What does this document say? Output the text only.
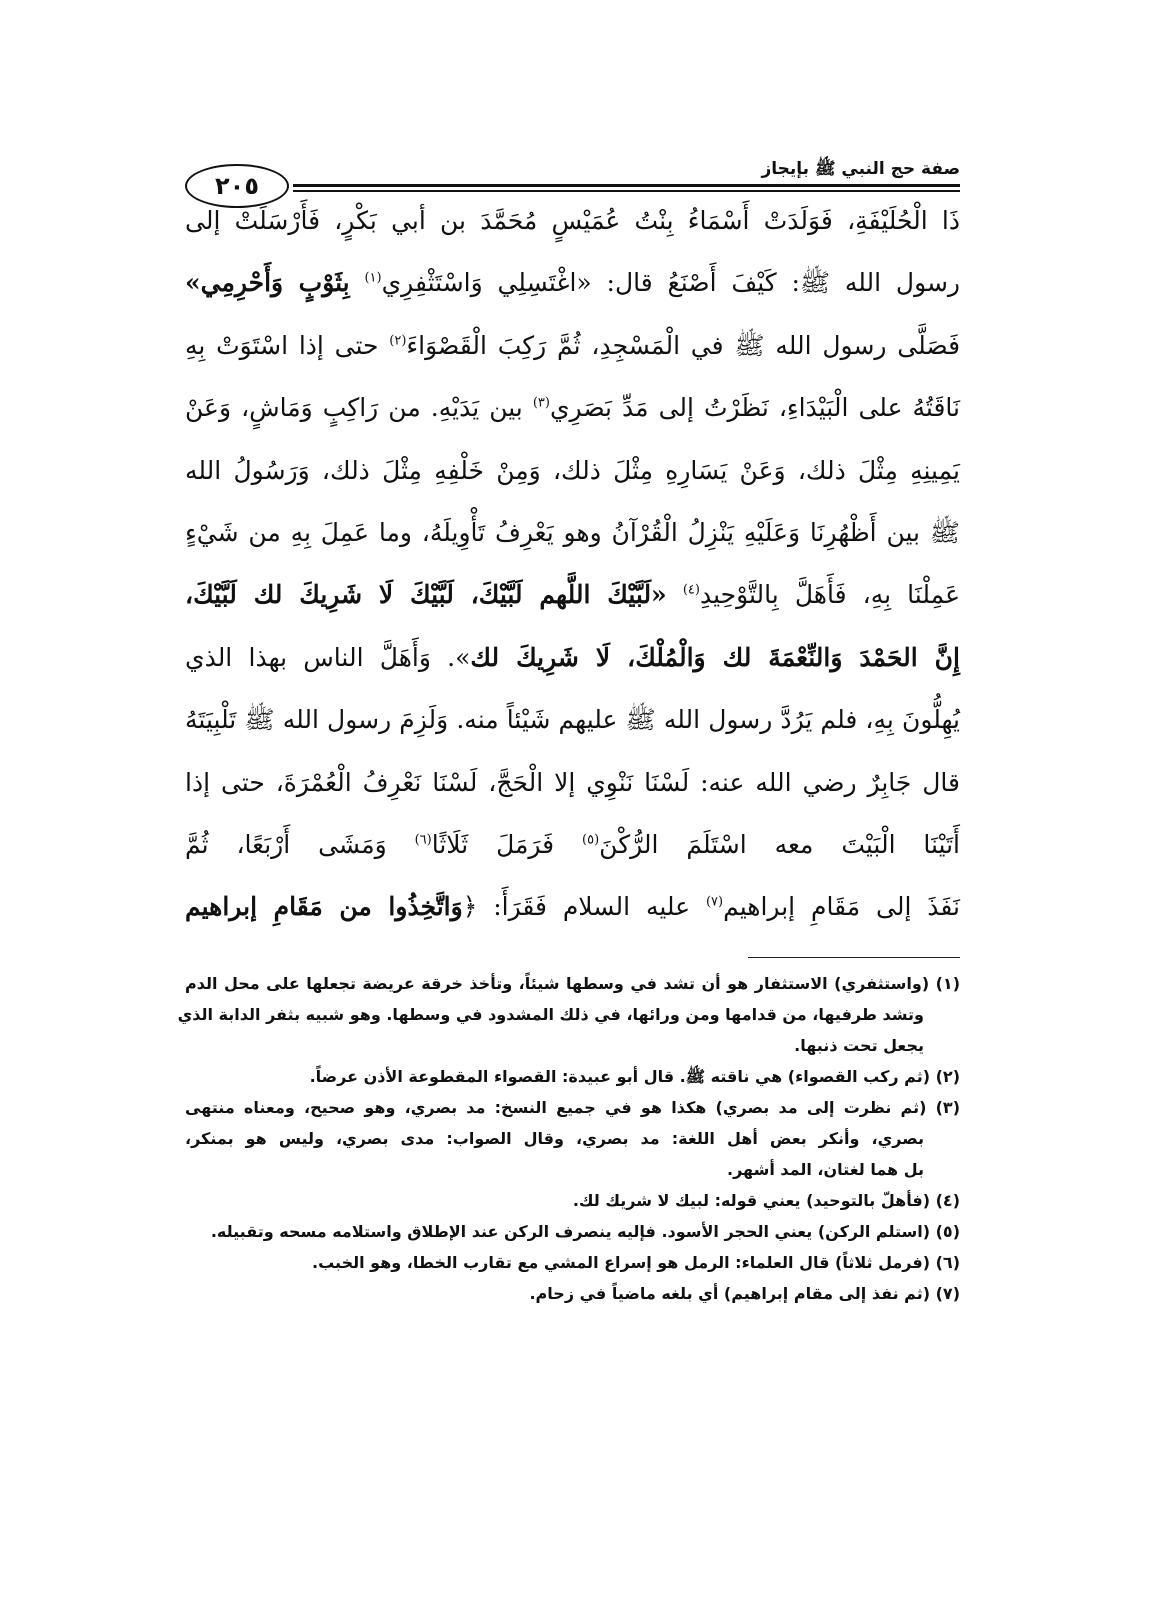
صفة حج النبي ﷺ بإيجاز
٢٠٥
ذَا الْحُلَيْفَةِ، فَوَلَدَتْ أَسْمَاءُ بِنْتُ عُمَيْسٍ مُحَمَّدَ بن أبي بَكْرٍ، فَأَرْسَلَتْ إلى
رسول الله ﷺ: كَيْفَ أَصْنَعُ قال: «اغْتَسِلِي وَاسْتَثْفِرِي$^{(١)}$ بِثَوْبٍ وَأَحْرِمِي»
فَصَلَّى رسول الله ﷺ في الْمَسْجِدِ، ثُمَّ رَكِبَ الْقَصْوَاءَ$^{(٢)}$ حتى إذا اسْتَوَتْ بِهِ
نَاقَتُهُ على الْبَيْدَاءِ، نَظَرْتُ إلى مَدِّ بَصَرِي$^{(٣)}$ بين يَدَيْهِ. من رَاكِبٍ وَمَاشٍ، وَعَنْ
يَمِينِهِ مِثْلَ ذلك، وَعَنْ يَسَارِهِ مِثْلَ ذلك، وَمِنْ خَلْفِهِ مِثْلَ ذلك، وَرَسُولُ الله
ﷺ بين أَظْهُرِنَا وَعَلَيْهِ يَنْزِلُ الْقُرْآنُ وهو يَعْرِفُ تَأْوِيلَهُ، وما عَمِلَ بِهِ من شَيْءٍ
عَمِلْنَا بِهِ، فَأَهَلَّ بِالتَّوْحِيدِ$^{(٤)}$ «لَبَّيْكَ اللَّهم لَبَّيْكَ، لَبَّيْكَ لَا شَرِيكَ لك لَبَّيْكَ،
إِنَّ الحَمْدَ وَالنِّعْمَةَ لك وَالْمُلْكَ، لَا شَرِيكَ لك». وَأَهَلَّ الناس بهذا الذي
يُهِلُّونَ بِهِ، فلم يَرُدَّ رسول الله ﷺ عليهم شَيْئاً منه. وَلَزِمَ رسول الله ﷺ تَلْبِيَتَهُ
قال جَابِرٌ رضي الله عنه: لَسْنَا نَنْوِي إلا الْحَجَّ، لَسْنَا نَعْرِفُ الْعُمْرَةَ، حتى إذا
أَتَيْنَا الْبَيْتَ معه اسْتَلَمَ الرُّكْنَ$^{(٥)}$ فَرَمَلَ ثَلَاثًا$^{(٦)}$ وَمَشَى أَرْبَعًا، ثُمَّ
نَفَذَ إلى مَقَامِ إبراهيم$^{(٧)}$ عليه السلام فَقَرَأَ: ﴿وَاتَّخِذُوا من مَقَامِ إبراهيم
(١) (واستثفري) الاستثفار هو أن تشد في وسطها شيئاً، وتأخذ خرقة عريضة تجعلها على محل الدم
وتشد طرفيها، من قدامها ومن ورائها، في ذلك المشدود في وسطها. وهو شبيه بثفر الدابة الذي
يجعل تحت ذنبها.
(٢) (ثم ركب القصواء) هي ناقته ﷺ. قال أبو عبيدة: القصواء المقطوعة الأذن عرضاً.
(٣) (ثم نظرت إلى مد بصري) هكذا هو في جميع النسخ: مد بصري، وهو صحيح، ومعناه منتهى
بصري، وأنكر بعض أهل اللغة: مد بصري، وقال الصواب: مدى بصري، وليس هو بمنكر،
بل هما لغتان، المد أشهر.
(٤) (فأهلّ بالتوحيد) يعني قوله: لبيك لا شريك لك.
(٥) (استلم الركن) يعني الحجر الأسود. فإليه ينصرف الركن عند الإطلاق واستلامه مسحه وتقبيله.
(٦) (فرمل ثلاثاً) قال العلماء: الرمل هو إسراع المشي مع تقارب الخطا، وهو الخبب.
(٧) (ثم نفذ إلى مقام إبراهيم) أي بلغه ماضياً في زحام.
